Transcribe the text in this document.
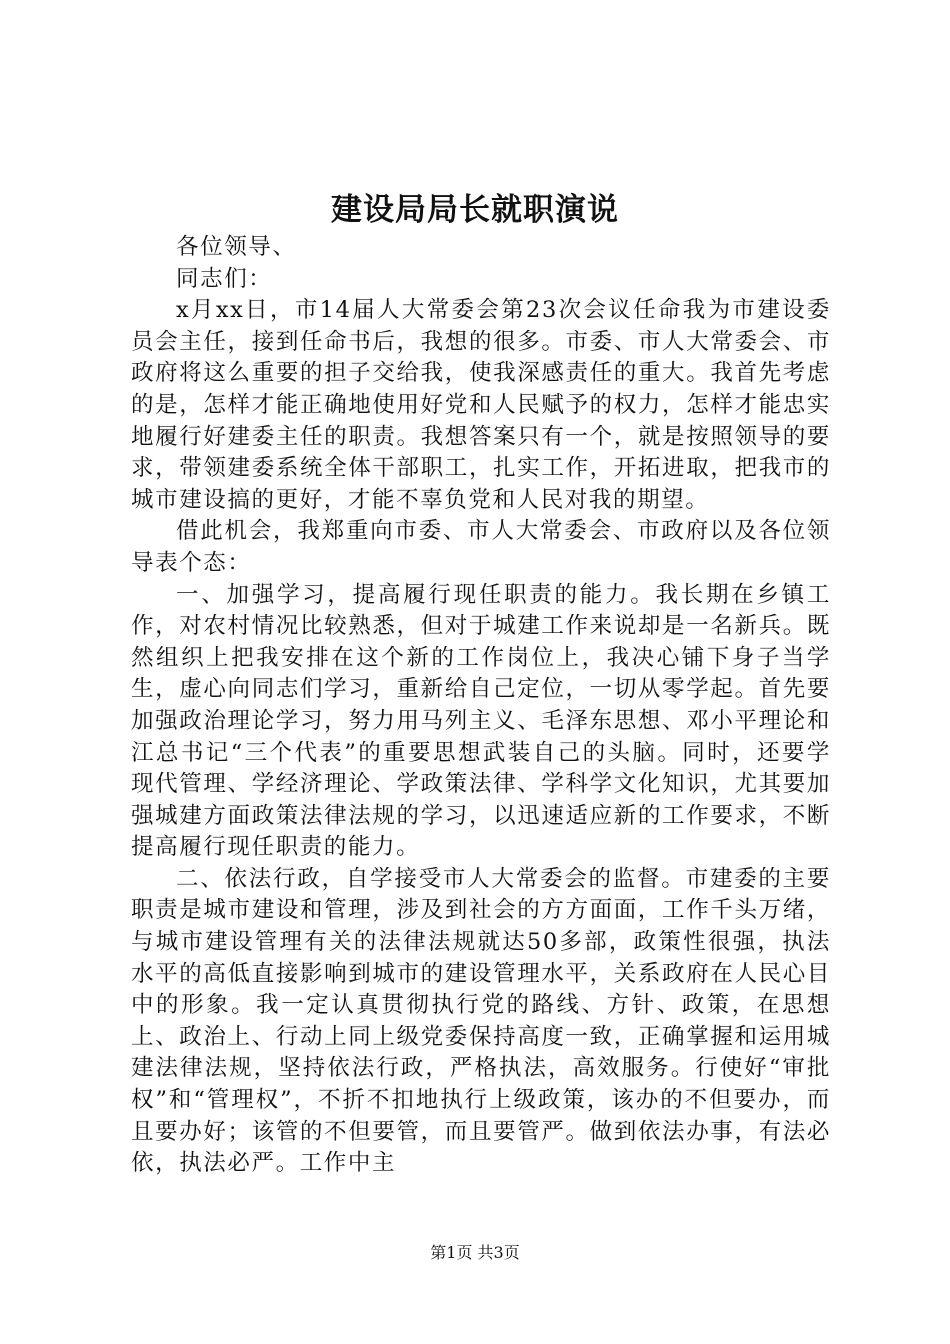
建设局局长就职演说

各位领导、

同志们：

x月xx日，市14届人大常委会第23次会议任命我为市建设委员会主任，接到任命书后，我想的很多。市委、市人大常委会、市政府将这么重要的担子交给我，使我深感责任的重大。我首先考虑的是，怎样才能正确地使用好党和人民赋予的权力，怎样才能忠实地履行好建委主任的职责。我想答案只有一个，就是按照领导的要求，带领建委系统全体干部职工，扎实工作，开拓进取，把我市的城市建设搞的更好，才能不辜负党和人民对我的期望。

借此机会，我郑重向市委、市人大常委会、市政府以及各位领导表个态：

一、加强学习，提高履行现任职责的能力。我长期在乡镇工作，对农村情况比较熟悉，但对于城建工作来说却是一名新兵。既然组织上把我安排在这个新的工作岗位上，我决心铺下身子当学生，虚心向同志们学习，重新给自己定位，一切从零学起。首先要加强政治理论学习，努力用马列主义、毛泽东思想、邓小平理论和江总书记“三个代表”的重要思想武装自己的头脑。同时，还要学现代管理、学经济理论、学政策法律、学科学文化知识，尤其要加强城建方面政策法律法规的学习，以迅速适应新的工作要求，不断提高履行现任职责的能力。

二、依法行政，自学接受市人大常委会的监督。市建委的主要职责是城市建设和管理，涉及到社会的方方面面，工作千头万绪，与城市建设管理有关的法律法规就达50多部，政策性很强，执法水平的高低直接影响到城市的建设管理水平，关系政府在人民心目中的形象。我一定认真贯彻执行党的路线、方针、政策，在思想上、政治上、行动上同上级党委保持高度一致，正确掌握和运用城建法律法规，坚持依法行政，严格执法，高效服务。行使好“审批权”和“管理权”，不折不扣地执行上级政策，该办的不但要办，而且要办好；该管的不但要管，而且要管严。做到依法办事，有法必依，执法必严。工作中主

第1页 共3页
